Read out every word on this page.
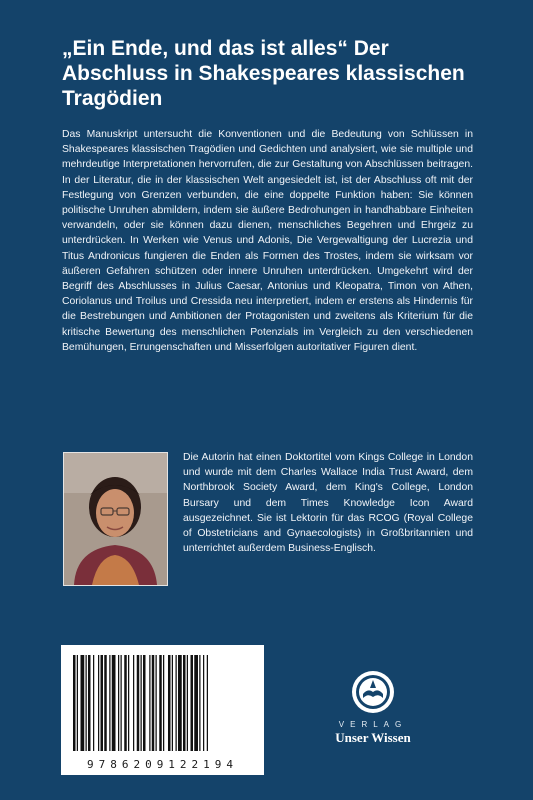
„Ein Ende, und das ist alles“ Der Abschluss in Shakespeares klassischen Tragödien

Das Manuskript untersucht die Konventionen und die Bedeutung von Schlüssen in Shakespeares klassischen Tragödien und Gedichten und analysiert, wie sie multiple und mehrdeutige Interpretationen hervorrufen, die zur Gestaltung von Abschlüssen beitragen. In der Literatur, die in der klassischen Welt angesiedelt ist, ist der Abschluss oft mit der Festlegung von Grenzen verbunden, die eine doppelte Funktion haben: Sie können politische Unruhen abmildern, indem sie äußere Bedrohungen in handhabbare Einheiten verwandeln, oder sie können dazu dienen, menschliches Begehren und Ehrgeiz zu unterdrücken. In Werken wie Venus und Adonis, Die Vergewaltigung der Lucrezia und Titus Andronicus fungieren die Enden als Formen des Trostes, indem sie wirksam vor äußeren Gefahren schützen oder innere Unruhen unterdrücken. Umgekehrt wird der Begriff des Abschlusses in Julius Caesar, Antonius und Kleopatra, Timon von Athen, Coriolanus und Troilus und Cressida neu interpretiert, indem er erstens als Hindernis für die Bestrebungen und Ambitionen der Protagonisten und zweitens als Kriterium für die kritische Bewertung des menschlichen Potenzials im Vergleich zu den verschiedenen Bemühungen, Errungenschaften und Misserfolgen autoritativer Figuren dient.

Die Autorin hat einen Doktortitel vom Kings College in London und wurde mit dem Charles Wallace India Trust Award, dem Northbrook Society Award, dem King's College, London Bursary und dem Times Knowledge Icon Award ausgezeichnet. Sie ist Lektorin für das RCOG (Royal College of Obstetricians and Gynaecologists) in Großbritannien und unterrichtet außerdem Business-Englisch.

9786209122194
VERLAG
Unser Wissen
